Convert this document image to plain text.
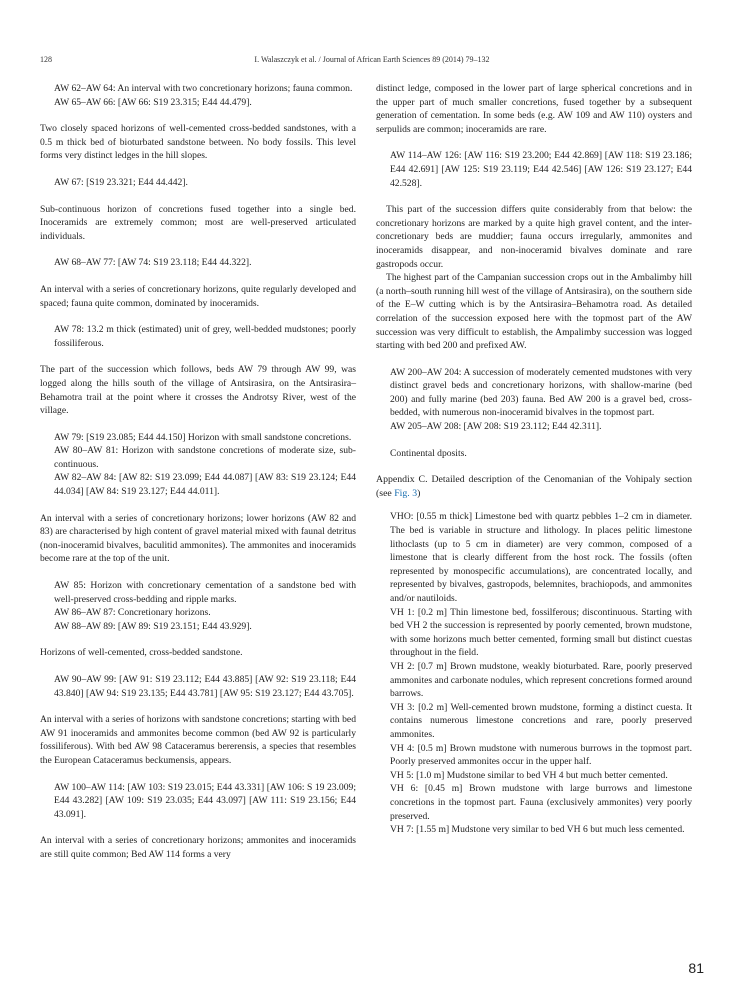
128	I. Walaszczyk et al. / Journal of African Earth Sciences 89 (2014) 79–132
AW 62–AW 64: An interval with two concretionary horizons; fauna common.
AW 65–AW 66: [AW 66: S19 23.315; E44 44.479].

Two closely spaced horizons of well-cemented cross-bedded sandstones, with a 0.5 m thick bed of bioturbated sandstone between. No body fossils. This level forms very distinct ledges in the hill slopes.

AW 67: [S19 23.321; E44 44.442].

Sub-continuous horizon of concretions fused together into a single bed. Inoceramids are extremely common; most are well-preserved articulated individuals.

AW 68–AW 77: [AW 74: S19 23.118; E44 44.322].

An interval with a series of concretionary horizons, quite regularly developed and spaced; fauna quite common, dominated by inoceramids.

AW 78: 13.2 m thick (estimated) unit of grey, well-bedded mudstones; poorly fossiliferous.

The part of the succession which follows, beds AW 79 through AW 99, was logged along the hills south of the village of Antsirasira, on the Antsirasira–Behamotra trail at the point where it crosses the Androtsy River, west of the village.

AW 79: [S19 23.085; E44 44.150] Horizon with small sandstone concretions.
AW 80–AW 81: Horizon with sandstone concretions of moderate size, sub-continuous.
AW 82–AW 84: [AW 82: S19 23.099; E44 44.087] [AW 83: S19 23.124; E44 44.034] [AW 84: S19 23.127; E44 44.011].

An interval with a series of concretionary horizons; lower horizons (AW 82 and 83) are characterised by high content of gravel material mixed with faunal detritus (non-inoceramid bivalves, baculitid ammonites). The ammonites and inoceramids become rare at the top of the unit.

AW 85: Horizon with concretionary cementation of a sandstone bed with well-preserved cross-bedding and ripple marks.
AW 86–AW 87: Concretionary horizons.
AW 88–AW 89: [AW 89: S19 23.151; E44 43.929].

Horizons of well-cemented, cross-bedded sandstone.

AW 90–AW 99: [AW 91: S19 23.112; E44 43.885] [AW 92: S19 23.118; E44 43.840] [AW 94: S19 23.135; E44 43.781] [AW 95: S19 23.127; E44 43.705].

An interval with a series of horizons with sandstone concretions; starting with bed AW 91 inoceramids and ammonites become common (bed AW 92 is particularly fossiliferous). With bed AW 98 Cataceramus bererensis, a species that resembles the European Cataceramus beckumensis, appears.

AW 100–AW 114: [AW 103: S19 23.015; E44 43.331] [AW 106: S 19 23.009; E44 43.282] [AW 109: S19 23.035; E44 43.097] [AW 111: S19 23.156; E44 43.091].

An interval with a series of concretionary horizons; ammonites and inoceramids are still quite common; Bed AW 114 forms a very

distinct ledge, composed in the lower part of large spherical concretions and in the upper part of much smaller concretions, fused together by a subsequent generation of cementation. In some beds (e.g. AW 109 and AW 110) oysters and serpulids are common; inoceramids are rare.

AW 114–AW 126: [AW 116: S19 23.200; E44 42.869] [AW 118: S19 23.186; E44 42.691] [AW 125: S19 23.119; E44 42.546] [AW 126: S19 23.127; E44 42.528].

This part of the succession differs quite considerably from that below: the concretionary horizons are marked by a quite high gravel content, and the inter-concretionary beds are muddier; fauna occurs irregularly, ammonites and inoceramids disappear, and non-inoceramid bivalves dominate and rare gastropods occur.

The highest part of the Campanian succession crops out in the Ambalimby hill (a north–south running hill west of the village of Antsirasira), on the southern side of the E–W cutting which is by the Antsirasira–Behamotra road. As detailed correlation of the succession exposed here with the topmost part of the AW succession was very difficult to establish, the Ampalimby succession was logged starting with bed 200 and prefixed AW.

AW 200–AW 204: A succession of moderately cemented mudstones with very distinct gravel beds and concretionary horizons, with shallow-marine (bed 200) and fully marine (bed 203) fauna. Bed AW 200 is a gravel bed, cross-bedded, with numerous non-inoceramid bivalves in the topmost part.
AW 205–AW 208: [AW 208: S19 23.112; E44 42.311].
Continental dposits.
Appendix C. Detailed description of the Cenomanian of the Vohipaly section (see Fig. 3)
VHO: [0.55 m thick] Limestone bed with quartz pebbles 1–2 cm in diameter. The bed is variable in structure and lithology. In places pelitic limestone lithoclasts (up to 5 cm in diameter) are very common, composed of a limestone that is clearly different from the host rock. The fossils (often represented by monospecific accumulations), are concentrated locally, and represented by bivalves, gastropods, belemnites, brachiopods, and ammonites and/or nautiloids.
VH 1: [0.2 m] Thin limestone bed, fossilferous; discontinuous. Starting with bed VH 2 the succession is represented by poorly cemented, brown mudstone, with some horizons much better cemented, forming small but distinct cuestas throughout in the field.
VH 2: [0.7 m] Brown mudstone, weakly bioturbated. Rare, poorly preserved ammonites and carbonate nodules, which represent concretions formed around barrows.
VH 3: [0.2 m] Well-cemented brown mudstone, forming a distinct cuesta. It contains numerous limestone concretions and rare, poorly preserved ammonites.
VH 4: [0.5 m] Brown mudstone with numerous burrows in the topmost part. Poorly preserved ammonites occur in the upper half.
VH 5: [1.0 m] Mudstone similar to bed VH 4 but much better cemented.
VH 6: [0.45 m] Brown mudstone with large burrows and limestone concretions in the topmost part. Fauna (exclusively ammonites) very poorly preserved.
VH 7: [1.55 m] Mudstone very similar to bed VH 6 but much less cemented.
81
